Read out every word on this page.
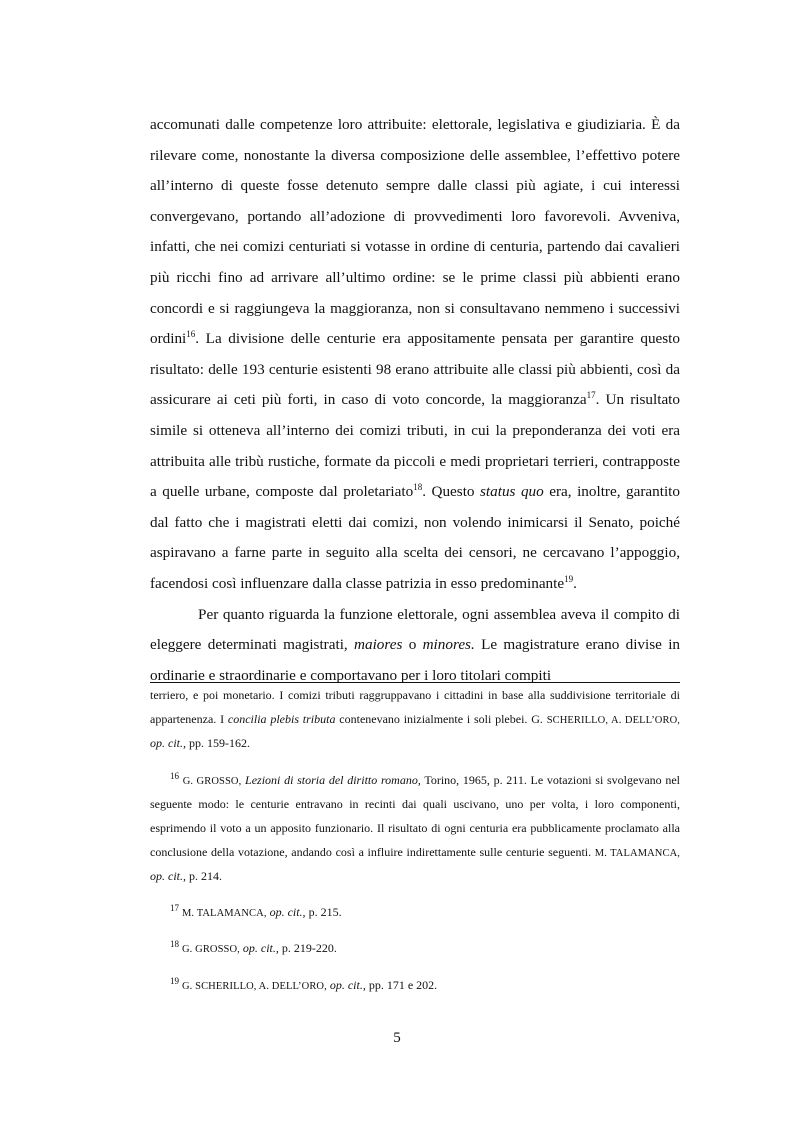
accomunati dalle competenze loro attribuite: elettorale, legislativa e giudiziaria. È da rilevare come, nonostante la diversa composizione delle assemblee, l’effettivo potere all’interno di queste fosse detenuto sempre dalle classi più agiate, i cui interessi convergevano, portando all’adozione di provvedimenti loro favorevoli. Avveniva, infatti, che nei comizi centuriati si votasse in ordine di centuria, partendo dai cavalieri più ricchi fino ad arrivare all’ultimo ordine: se le prime classi più abbienti erano concordi e si raggiungeva la maggioranza, non si consultavano nemmeno i successivi ordini$^{16}$. La divisione delle centurie era appositamente pensata per garantire questo risultato: delle 193 centurie esistenti 98 erano attribuite alle classi più abbienti, così da assicurare ai ceti più forti, in caso di voto concorde, la maggioranza$^{17}$. Un risultato simile si otteneva all’interno dei comizi tributi, in cui la preponderanza dei voti era attribuita alle tribù rustiche, formate da piccoli e medi proprietari terrieri, contrapposte a quelle urbane, composte dal proletariato$^{18}$. Questo status quo era, inoltre, garantito dal fatto che i magistrati eletti dai comizi, non volendo inimicarsi il Senato, poiché aspiravano a farne parte in seguito alla scelta dei censori, ne cercavano l’appoggio, facendosi così influenzare dalla classe patrizia in esso predominante$^{19}$.

Per quanto riguarda la funzione elettorale, ogni assemblea aveva il compito di eleggere determinati magistrati, maiores o minores. Le magistrature erano divise in ordinarie e straordinarie e comportavano per i loro titolari compiti

terriero, e poi monetario. I comizi tributi raggruppavano i cittadini in base alla suddivisione territoriale di appartenenza. I concilia plebis tributa contenevano inizialmente i soli plebei. G. SCHERILLO, A. DELL’ORO, op. cit., pp. 159-162.

$^{16}$ G. GROSSO, Lezioni di storia del diritto romano, Torino, 1965, p. 211. Le votazioni si svolgevano nel seguente modo: le centurie entravano in recinti dai quali uscivano, uno per volta, i loro componenti, esprimendo il voto a un apposito funzionario. Il risultato di ogni centuria era pubblicamente proclamato alla conclusione della votazione, andando così a influire indirettamente sulle centurie seguenti. M. TALAMANCA, op. cit., p. 214.

$^{17}$ M. TALAMANCA, op. cit., p. 215.

$^{18}$ G. GROSSO, op. cit., p. 219-220.

$^{19}$ G. SCHERILLO, A. DELL’ORO, op. cit., pp. 171 e 202.

5
